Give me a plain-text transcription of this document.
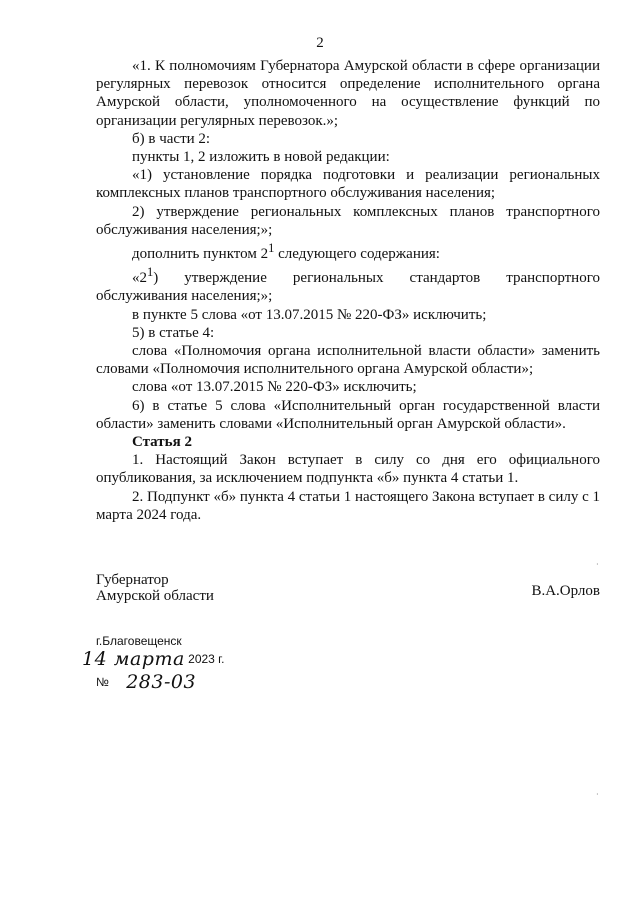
2

«1. К полномочиям Губернатора Амурской области в сфере организации регулярных перевозок относится определение исполнительного органа Амурской области, уполномоченного на осуществление функций по организации регулярных перевозок.»;

б) в части 2:

пункты 1, 2 изложить в новой редакции:

«1) установление порядка подготовки и реализации региональных комплексных планов транспортного обслуживания населения;

2) утверждение региональных комплексных планов транспортного обслуживания населения;»;

дополнить пунктом $2^1$ следующего содержания:

«$2^1$) утверждение региональных стандартов транспортного обслуживания населения;»;

в пункте 5 слова «от 13.07.2015 № 220-ФЗ» исключить;

5) в статье 4:

слова «Полномочия органа исполнительной власти области» заменить словами «Полномочия исполнительного органа Амурской области»;

слова «от 13.07.2015 № 220-ФЗ» исключить;

6) в статье 5 слова «Исполнительный орган государственной власти области» заменить словами «Исполнительный орган Амурской области».

Статья 2

1. Настоящий Закон вступает в силу со дня его официального опубликования, за исключением подпункта «б» пункта 4 статьи 1.

2. Подпункт «б» пункта 4 статьи 1 настоящего Закона вступает в силу с 1 марта 2024 года.

Губернатор
Амурской области	В.А.Орлов
г.Благовещенск
14 марта 2023 г.
№ 283-03
·
·
